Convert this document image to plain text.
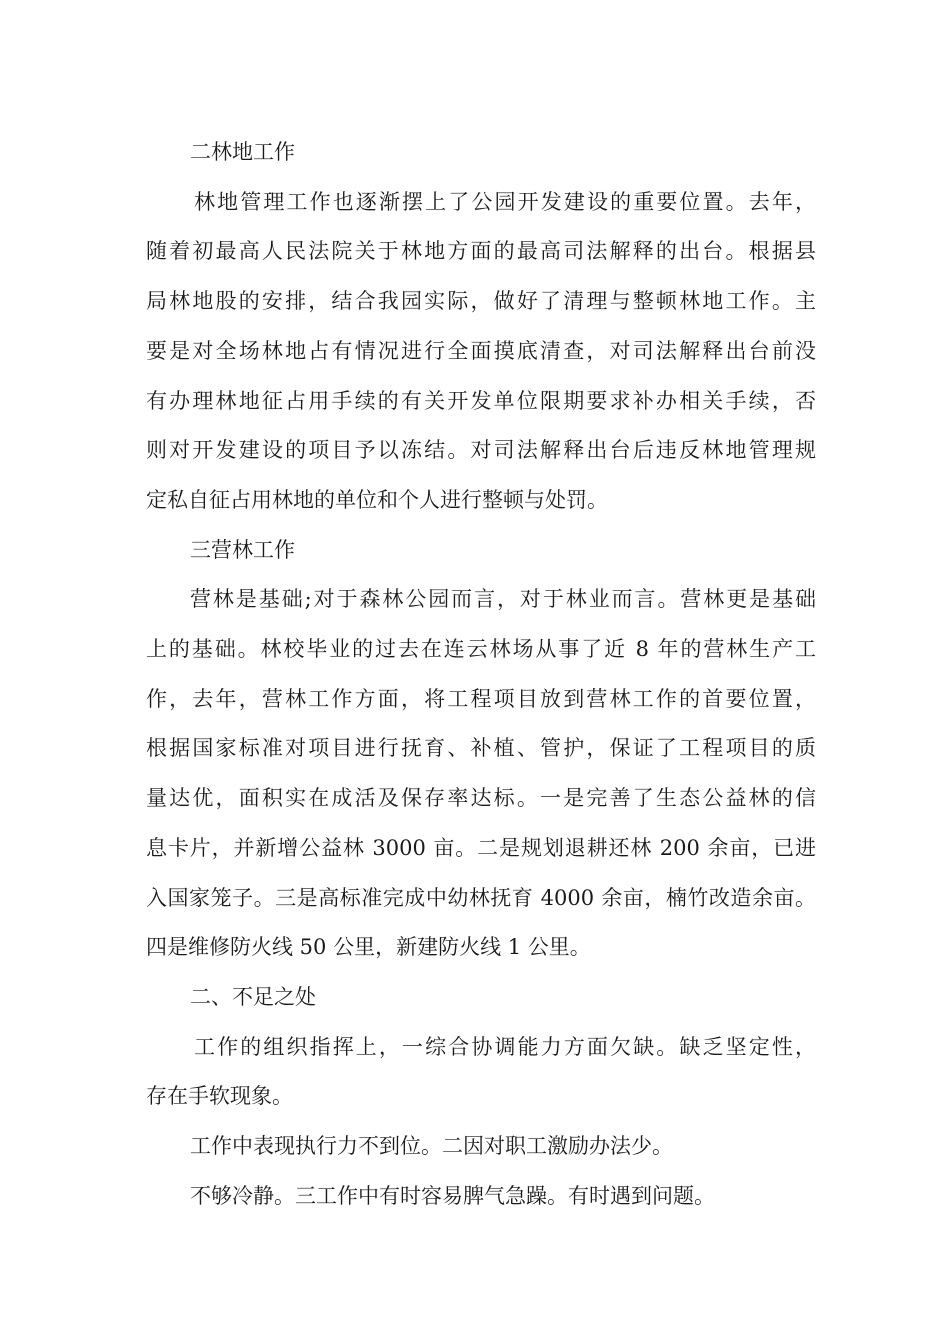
二林地工作

林地管理工作也逐渐摆上了公园开发建设的重要位置。去年，
随着初最高人民法院关于林地方面的最高司法解释的出台。根据县
局林地股的安排，结合我园实际，做好了清理与整顿林地工作。主
要是对全场林地占有情况进行全面摸底清查，对司法解释出台前没
有办理林地征占用手续的有关开发单位限期要求补办相关手续，否
则对开发建设的项目予以冻结。对司法解释出台后违反林地管理规
定私自征占用林地的单位和个人进行整顿与处罚。

三营林工作

营林是基础;对于森林公园而言，对于林业而言。营林更是基础
上的基础。林校毕业的过去在连云林场从事了近 8 年的营林生产工
作，去年，营林工作方面，将工程项目放到营林工作的首要位置，
根据国家标准对项目进行抚育、补植、管护，保证了工程项目的质
量达优，面积实在成活及保存率达标。一是完善了生态公益林的信
息卡片，并新增公益林 3000 亩。二是规划退耕还林 200 余亩，已进
入国家笼子。三是高标准完成中幼林抚育 4000 余亩，楠竹改造余亩。
四是维修防火线 50 公里，新建防火线 1 公里。

二、不足之处

工作的组织指挥上，一综合协调能力方面欠缺。缺乏坚定性，
存在手软现象。

工作中表现执行力不到位。二因对职工激励办法少。

不够冷静。三工作中有时容易脾气急躁。有时遇到问题。
